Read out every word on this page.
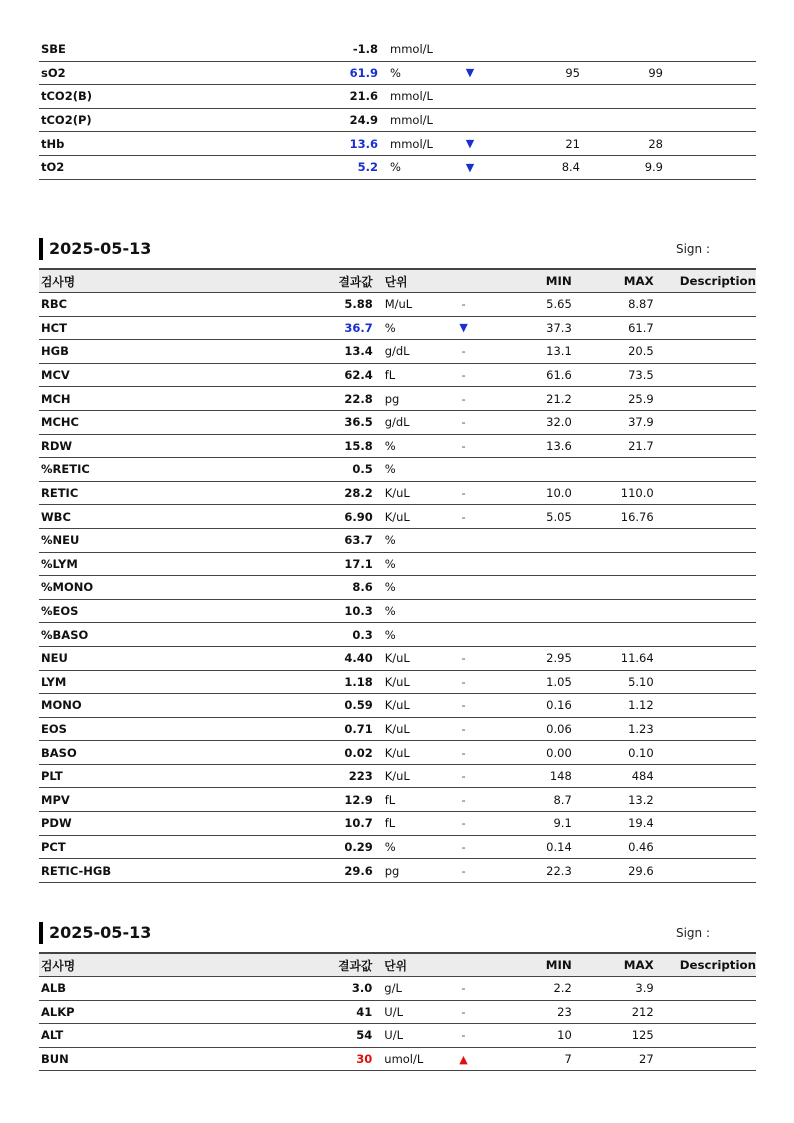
SBE	-1.8	mmol/L				
sO2	61.9	%	▼	95	99	
tCO2(B)	21.6	mmol/L				
tCO2(P)	24.9	mmol/L				
tHb	13.6	mmol/L	▼	21	28	
tO2	5.2	%	▼	8.4	9.9	
2025-05-13	Sign :
검사명	결과값	단위		MIN	MAX	Description
RBC	5.88	M/uL	-	5.65	8.87	
HCT	36.7	%	▼	37.3	61.7	
HGB	13.4	g/dL	-	13.1	20.5	
MCV	62.4	fL	-	61.6	73.5	
MCH	22.8	pg	-	21.2	25.9	
MCHC	36.5	g/dL	-	32.0	37.9	
RDW	15.8	%	-	13.6	21.7	
%RETIC	0.5	%				
RETIC	28.2	K/uL	-	10.0	110.0	
WBC	6.90	K/uL	-	5.05	16.76	
%NEU	63.7	%				
%LYM	17.1	%				
%MONO	8.6	%				
%EOS	10.3	%				
%BASO	0.3	%				
NEU	4.40	K/uL	-	2.95	11.64	
LYM	1.18	K/uL	-	1.05	5.10	
MONO	0.59	K/uL	-	0.16	1.12	
EOS	0.71	K/uL	-	0.06	1.23	
BASO	0.02	K/uL	-	0.00	0.10	
PLT	223	K/uL	-	148	484	
MPV	12.9	fL	-	8.7	13.2	
PDW	10.7	fL	-	9.1	19.4	
PCT	0.29	%	-	0.14	0.46	
RETIC-HGB	29.6	pg	-	22.3	29.6	
2025-05-13	Sign :
검사명	결과값	단위		MIN	MAX	Description
ALB	3.0	g/L	-	2.2	3.9	
ALKP	41	U/L	-	23	212	
ALT	54	U/L	-	10	125	
BUN	30	umol/L	▲	7	27	
